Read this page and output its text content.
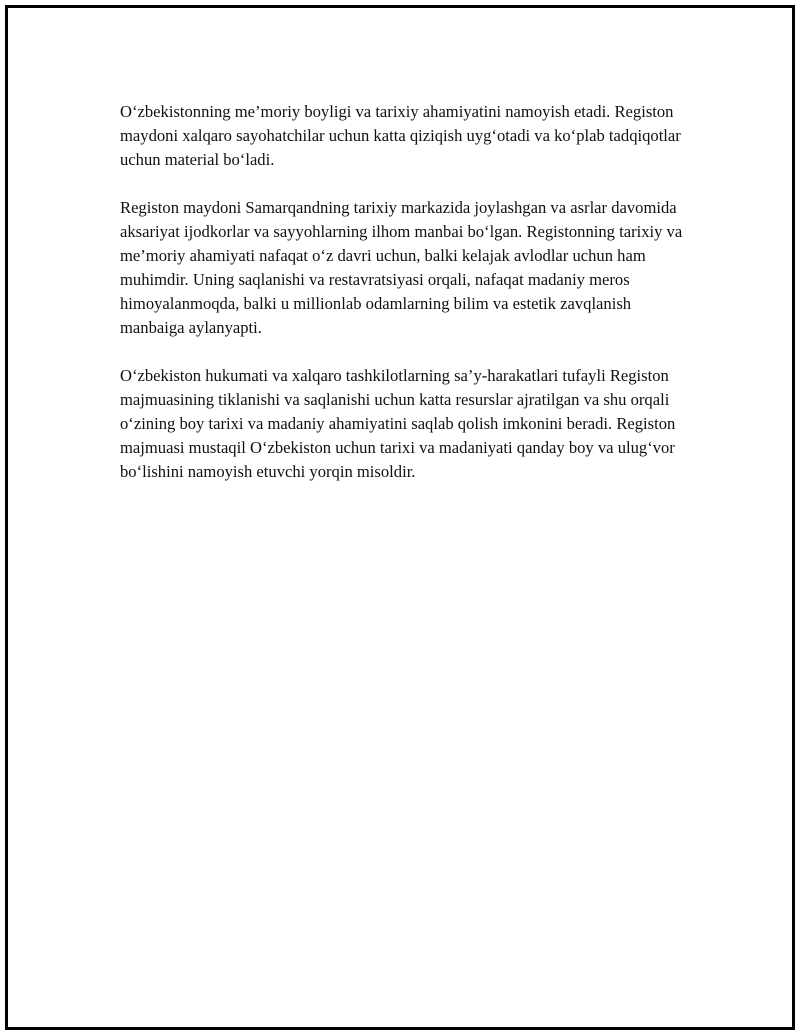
O‘zbekistonning me’moriy boyligi va tarixiy ahamiyatini namoyish etadi. Registon maydoni xalqaro sayohatchilar uchun katta qiziqish uyg‘otadi va ko‘plab tadqiqotlar uchun material bo‘ladi.

Registon maydoni Samarqandning tarixiy markazida joylashgan va asrlar davomida aksariyat ijodkorlar va sayyohlarning ilhom manbai bo‘lgan. Registonning tarixiy va me’moriy ahamiyati nafaqat o‘z davri uchun, balki kelajak avlodlar uchun ham muhimdir. Uning saqlanishi va restavratsiyasi orqali, nafaqat madaniy meros himoyalanmoqda, balki u millionlab odamlarning bilim va estetik zavqlanish manbaiga aylanyapti.

O‘zbekiston hukumati va xalqaro tashkilotlarning sa’y-harakatlari tufayli Registon majmuasining tiklanishi va saqlanishi uchun katta resurslar ajratilgan va shu orqali o‘zining boy tarixi va madaniy ahamiyatini saqlab qolish imkonini beradi. Registon majmuasi mustaqil O‘zbekiston uchun tarixi va madaniyati qanday boy va ulug‘vor bo‘lishini namoyish etuvchi yorqin misoldir.
